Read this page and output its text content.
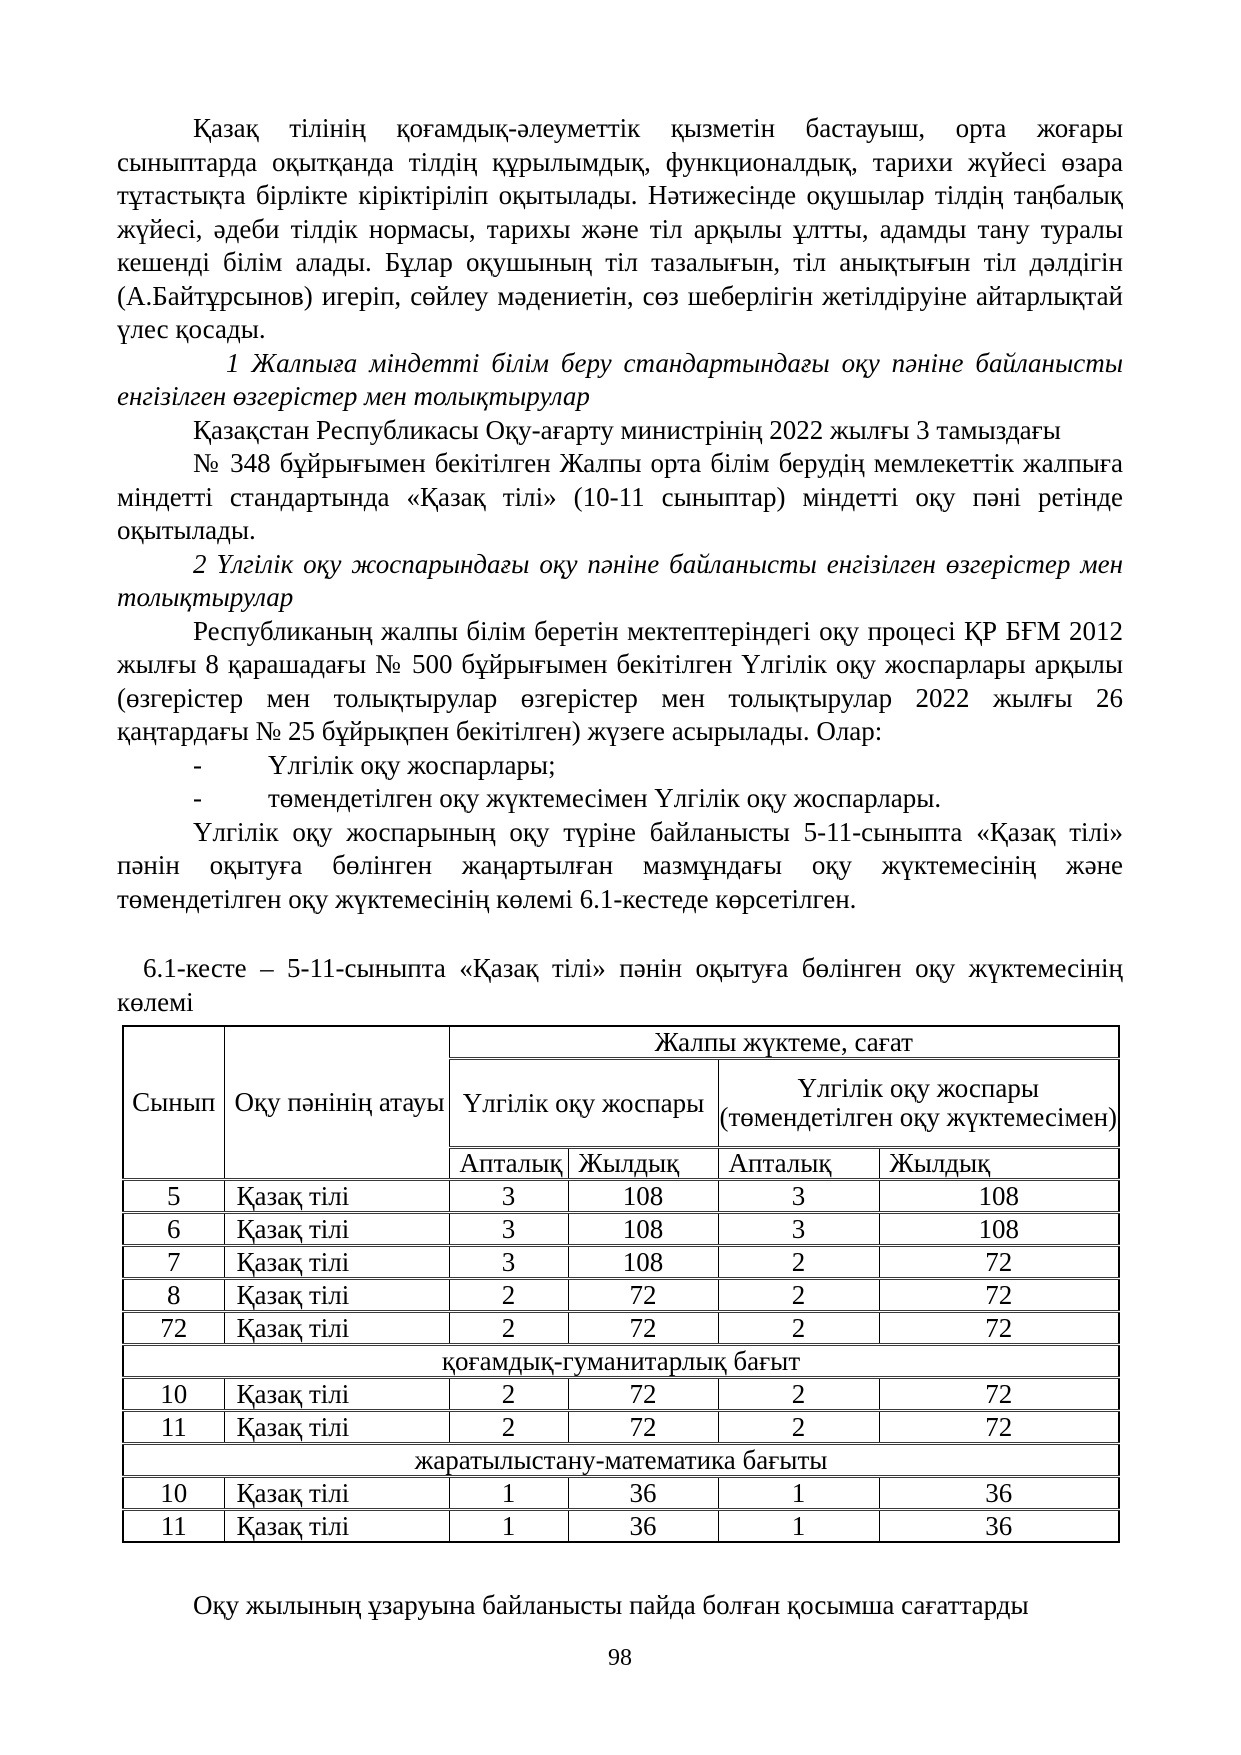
Қазақ тілінің қоғамдық-әлеуметтік қызметін бастауыш, орта жоғары сыныптарда оқытқанда тілдің құрылымдық, функционалдық, тарихи жүйесі өзара тұтастықта бірлікте кіріктіріліп оқытылады. Нәтижесінде оқушылар тілдің таңбалық жүйесі, әдеби тілдік нормасы, тарихы және тіл арқылы ұлтты, адамды тану туралы кешенді білім алады. Бұлар оқушының тіл тазалығын, тіл анықтығын тіл дәлдігін (А.Байтұрсынов) игеріп, сөйлеу мәдениетін, сөз шеберлігін жетілдіруіне айтарлықтай үлес қосады.

1 Жалпыға міндетті білім беру стандартындағы оқу пәніне байланысты енгізілген өзгерістер мен толықтырулар

Қазақстан Республикасы Оқу-ағарту министрінің 2022 жылғы 3 тамыздағы

№ 348 бұйрығымен бекітілген Жалпы орта білім берудің мемлекеттік жалпыға міндетті стандартында «Қазақ тілі» (10-11 сыныптар) міндетті оқу пәні ретінде оқытылады.

2 Үлгілік оқу жоспарындағы оқу пәніне байланысты енгізілген өзгерістер мен толықтырулар

Республиканың жалпы білім беретін мектептеріндегі оқу процесі ҚР БҒМ 2012 жылғы 8 қарашадағы № 500 бұйрығымен бекітілген Үлгілік оқу жоспарлары арқылы (өзгерістер мен толықтырулар өзгерістер мен толықтырулар 2022 жылғы 26 қаңтардағы № 25 бұйрықпен бекітілген) жүзеге асырылады. Олар:

- Үлгілік оқу жоспарлары;

- төмендетілген оқу жүктемесімен Үлгілік оқу жоспарлары.

Үлгілік оқу жоспарының оқу түріне байланысты 5-11-сыныпта «Қазақ тілі» пәнін оқытуға бөлінген жаңартылған мазмұндағы оқу жүктемесінің және төмендетілген оқу жүктемесінің көлемі 6.1-кестеде көрсетілген.

6.1-кесте – 5-11-сыныпта «Қазақ тілі» пәнін оқытуға бөлінген оқу жүктемесінің көлемі

Сынып	Оқу пәнінің атауы	Жалпы жүктеме, сағат			
		Үлгілік оқу жоспары		Үлгілік оқу жоспары (төмендетілген оқу жүктемесімен)	
		Апталық	Жылдық	Апталық	Жылдық
5	Қазақ тілі	3	108	3	108
6	Қазақ тілі	3	108	3	108
7	Қазақ тілі	3	108	2	72
8	Қазақ тілі	2	72	2	72
72	Қазақ тілі	2	72	2	72
қоғамдық-гуманитарлық бағыт					
10	Қазақ тілі	2	72	2	72
11	Қазақ тілі	2	72	2	72
жаратылыстану-математика бағыты					
10	Қазақ тілі	1	36	1	36
11	Қазақ тілі	1	36	1	36

Оқу жылының ұзаруына байланысты пайда болған қосымша сағаттарды

98
